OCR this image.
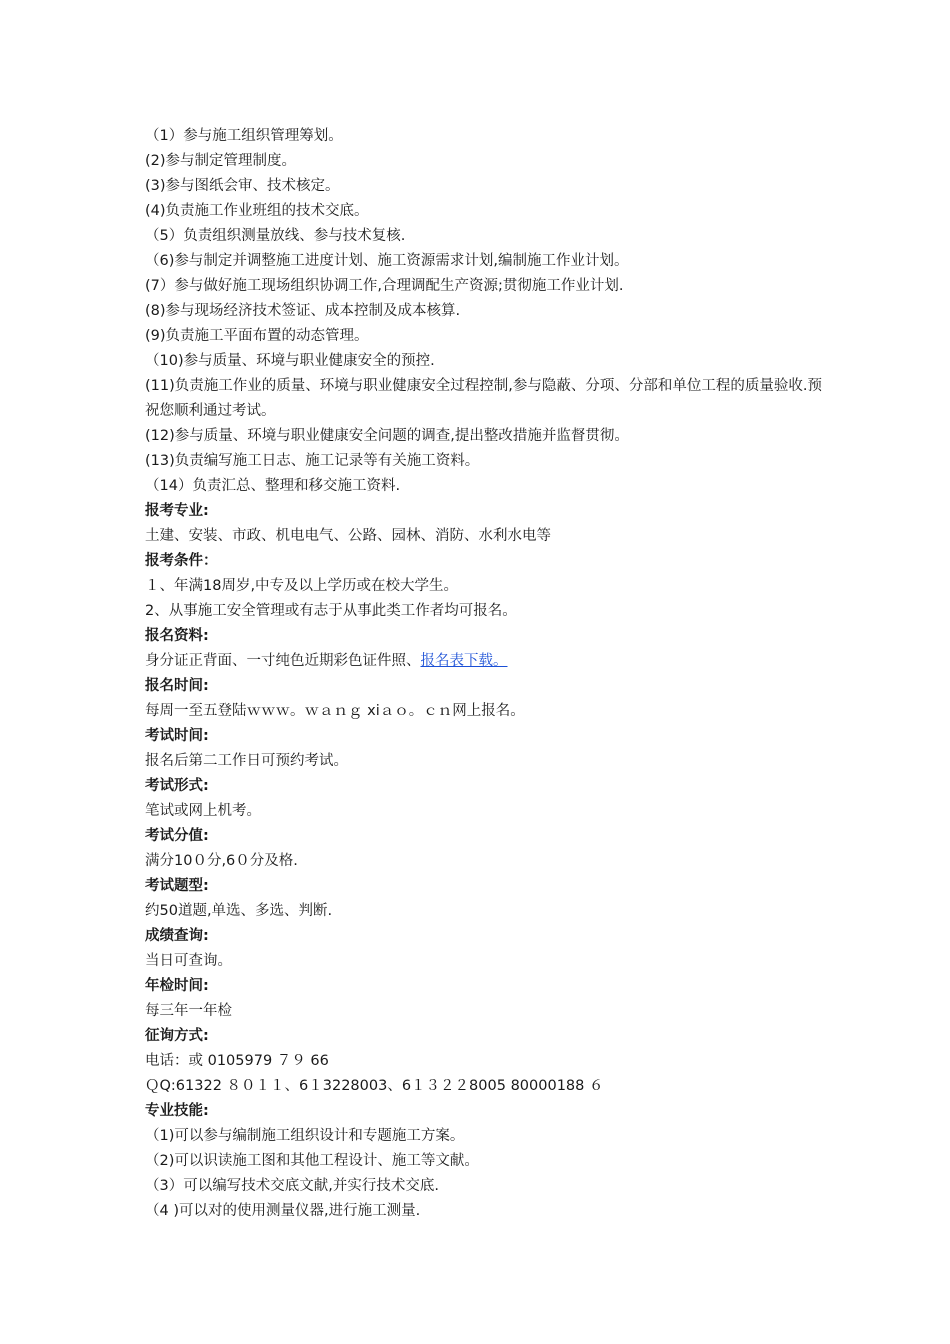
（1）参与施工组织管理筹划。
(2)参与制定管理制度。
(3)参与图纸会审、技术核定。
(4)负责施工作业班组的技术交底。
（5）负责组织测量放线、参与技术复核.
（6)参与制定并调整施工进度计划、施工资源需求计划,编制施工作业计划。
(7）参与做好施工现场组织协调工作,合理调配生产资源;贯彻施工作业计划.
(8)参与现场经济技术签证、成本控制及成本核算.
(9)负责施工平面布置的动态管理。
（10)参与质量、环境与职业健康安全的预控.
(11)负责施工作业的质量、环境与职业健康安全过程控制,参与隐蔽、分项、分部和单位工程的质量验收.预祝您顺利通过考试。
(12)参与质量、环境与职业健康安全问题的调查,提出整改措施并监督贯彻。
(13)负责编写施工日志、施工记录等有关施工资料。
（14）负责汇总、整理和移交施工资料.
报考专业:
土建、安装、市政、机电电气、公路、园林、消防、水利水电等
报考条件：
１、年满18周岁,中专及以上学历或在校大学生。
2、从事施工安全管理或有志于从事此类工作者均可报名。
报名资料:
身分证正背面、一寸纯色近期彩色证件照、报名表下载。
报名时间:
每周一至五登陆ｗｗｗ。ｗａｎｇ xiａｏ。ｃｎ网上报名。
考试时间:
报名后第二工作日可预约考试。
考试形式:
笔试或网上机考。
考试分值:
满分10０分,6０分及格.
考试题型:
约50道题,单选、多选、判断.
成绩查询:
当日可查询。
年检时间:
每三年一年检
征询方式:
电话：或 0105979 ７９ 66
ＱQ:61322 ８０１１、6１3228003、6１３２２8005 80000188 ６
专业技能:
（1)可以参与编制施工组织设计和专题施工方案。
（2)可以识读施工图和其他工程设计、施工等文献。
（3）可以编写技术交底文献,并实行技术交底.
（4 )可以对的使用测量仪器,进行施工测量.
